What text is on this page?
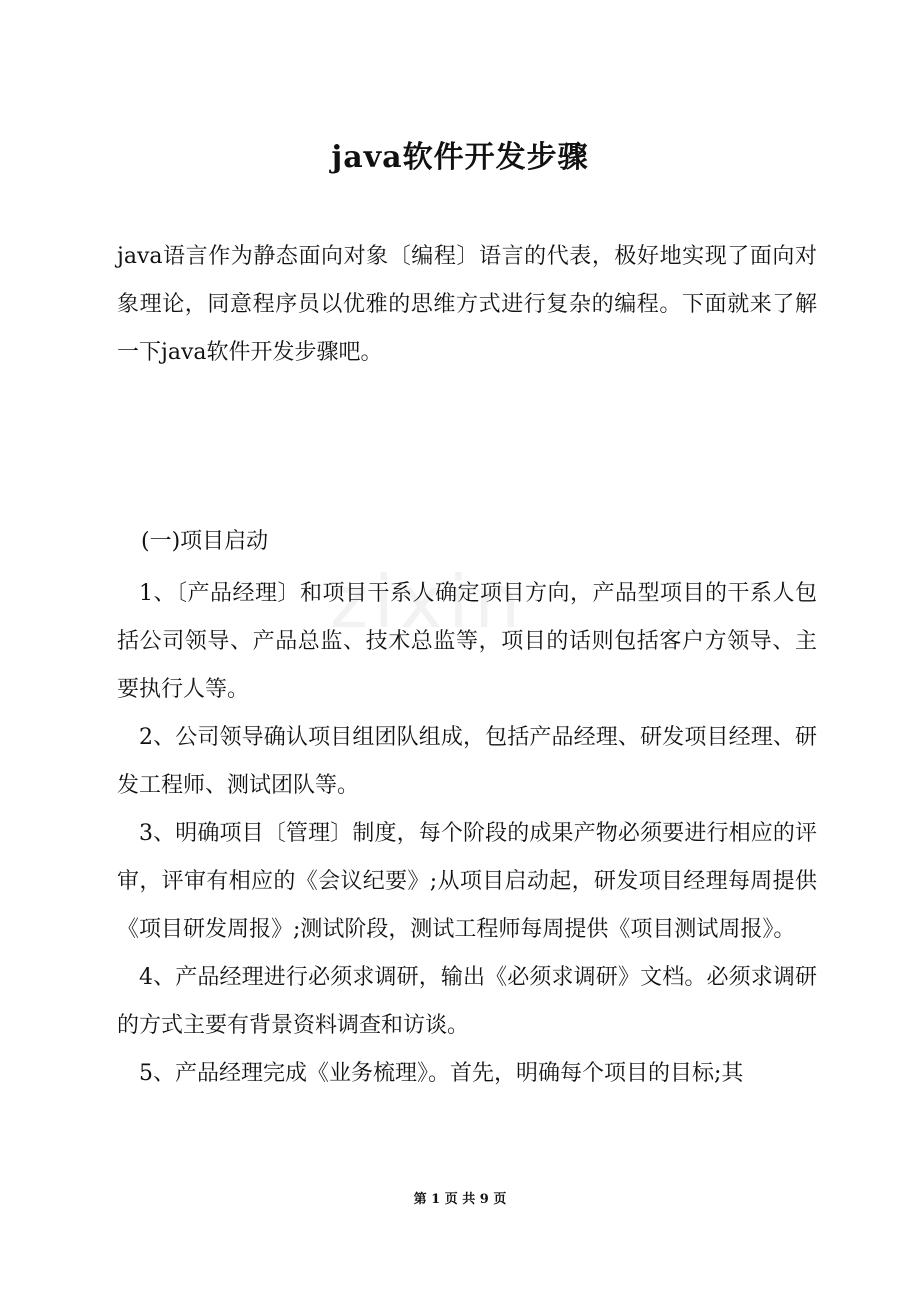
java软件开发步骤

java语言作为静态面向对象〔编程〕语言的代表，极好地实现了面向对象理论，同意程序员以优雅的思维方式进行复杂的编程。下面就来了解一下java软件开发步骤吧。

zixin

(一)项目启动

1、〔产品经理〕和项目干系人确定项目方向，产品型项目的干系人包括公司领导、产品总监、技术总监等，项目的话则包括客户方领导、主要执行人等。

2、公司领导确认项目组团队组成，包括产品经理、研发项目经理、研发工程师、测试团队等。

3、明确项目〔管理〕制度，每个阶段的成果产物必须要进行相应的评审，评审有相应的《会议纪要》;从项目启动起，研发项目经理每周提供《项目研发周报》;测试阶段，测试工程师每周提供《项目测试周报》。

4、产品经理进行必须求调研，输出《必须求调研》文档。必须求调研的方式主要有背景资料调查和访谈。

5、产品经理完成《业务梳理》。首先，明确每个项目的目标;其

第 1 页 共 9 页
